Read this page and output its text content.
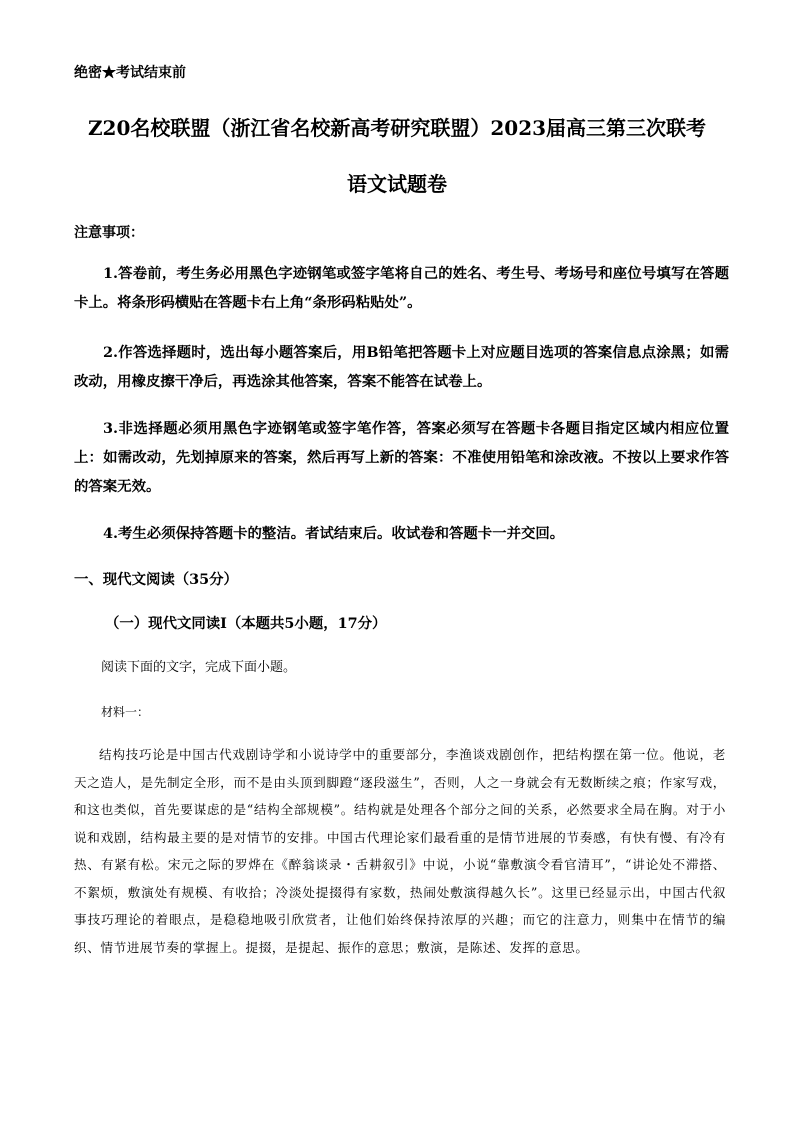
绝密★考试结束前
Z20名校联盟（浙江省名校新高考研究联盟）2023届高三第三次联考
语文试题卷
注意事项：

1.答卷前，考生务必用黑色字迹钢笔或签字笔将自己的姓名、考生号、考场号和座位号填写在答题卡上。将条形码横贴在答题卡右上角“条形码粘贴处”。

2.作答选择题时，选出每小题答案后，用B铅笔把答题卡上对应题目选项的答案信息点涂黑；如需改动，用橡皮擦干净后，再选涂其他答案，答案不能答在试卷上。

3.非选择题必须用黑色字迹钢笔或签字笔作答，答案必须写在答题卡各题目指定区域内相应位置上：如需改动，先划掉原来的答案，然后再写上新的答案：不准使用铅笔和涂改液。不按以上要求作答的答案无效。

4.考生必须保持答题卡的整洁。者试结束后。收试卷和答题卡一并交回。

一、现代文阅读（35分）
（一）现代文同读Ⅰ（本题共5小题，17分）
阅读下面的文字，完成下面小题。
材料一：

结构技巧论是中国古代戏剧诗学和小说诗学中的重要部分，李渔谈戏剧创作，把结构摆在第一位。他说，老天之造人，是先制定全形，而不是由头顶到脚蹬“逐段滋生”，否则，人之一身就会有无数断续之痕；作家写戏，和这也类似，首先要谋虑的是“结构全部规模”。结构就是处理各个部分之间的关系，必然要求全局在胸。对于小说和戏剧，结构最主要的是对情节的安排。中国古代理论家们最看重的是情节进展的节奏感，有快有慢、有冷有热、有紧有松。宋元之际的罗烨在《醉翁谈录・舌耕叙引》中说，小说“靠敷演令看官清耳”，“讲论处不滞搭、不絮烦，敷演处有规模、有收拾；冷淡处提掇得有家数，热闹处敷演得越久长”。这里已经显示出，中国古代叙事技巧理论的着眼点，是稳稳地吸引欣赏者，让他们始终保持浓厚的兴趣；而它的注意力，则集中在情节的编织、情节进展节奏的掌握上。提掇，是提起、振作的意思；敷演，是陈述、发挥的意思。
